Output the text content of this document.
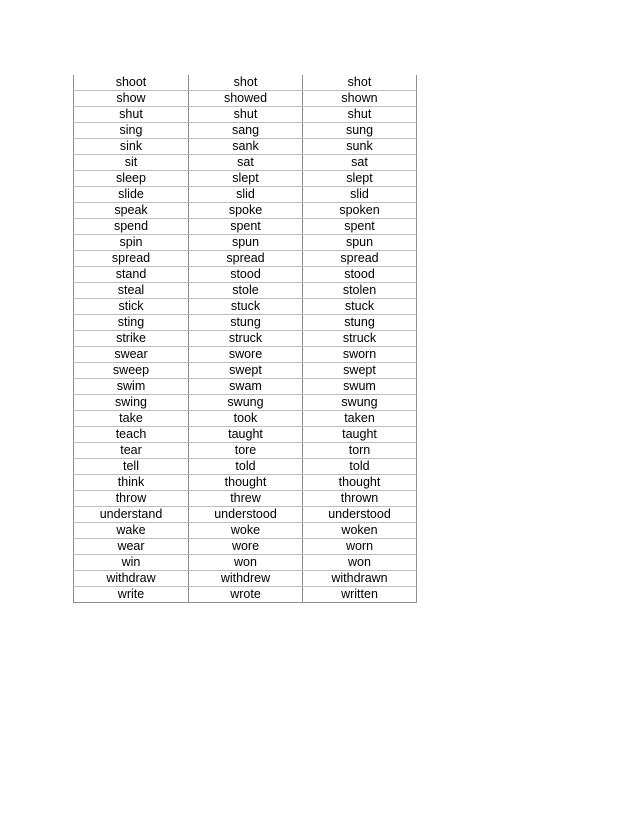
shoot	shot	shot
show	showed	shown
shut	shut	shut
sing	sang	sung
sink	sank	sunk
sit	sat	sat
sleep	slept	slept
slide	slid	slid
speak	spoke	spoken
spend	spent	spent
spin	spun	spun
spread	spread	spread
stand	stood	stood
steal	stole	stolen
stick	stuck	stuck
sting	stung	stung
strike	struck	struck
swear	swore	sworn
sweep	swept	swept
swim	swam	swum
swing	swung	swung
take	took	taken
teach	taught	taught
tear	tore	torn
tell	told	told
think	thought	thought
throw	threw	thrown
understand	understood	understood
wake	woke	woken
wear	wore	worn
win	won	won
withdraw	withdrew	withdrawn
write	wrote	written
